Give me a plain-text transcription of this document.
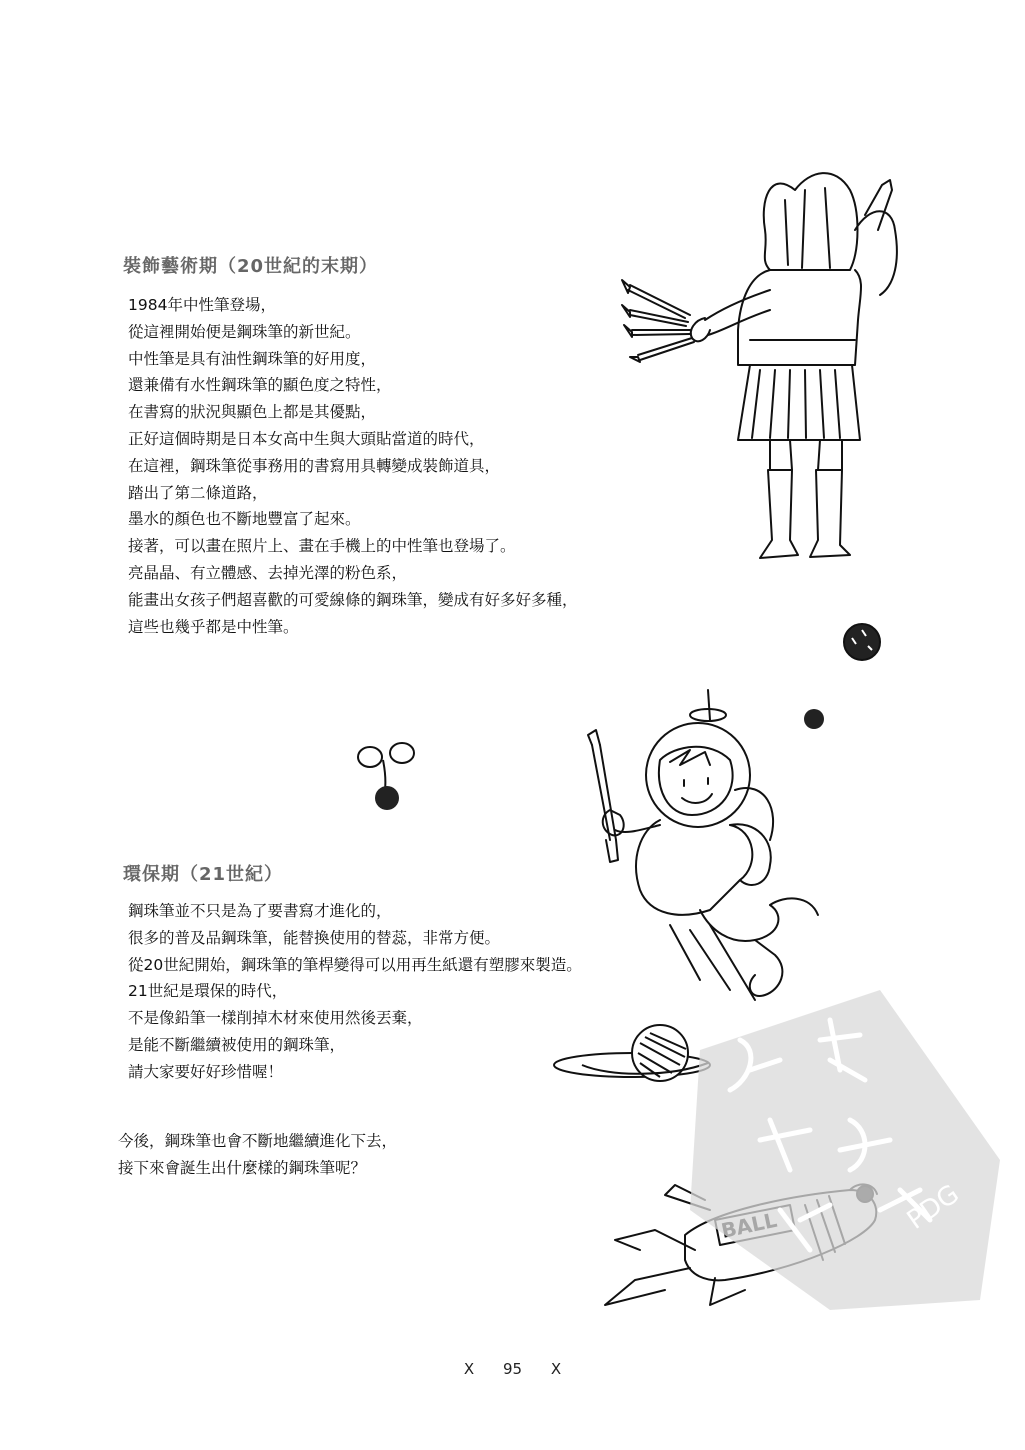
裝飾藝術期（20世紀的末期）

1984年中性筆登場，

從這裡開始便是鋼珠筆的新世紀。

中性筆是具有油性鋼珠筆的好用度，

還兼備有水性鋼珠筆的顯色度之特性，

在書寫的狀況與顯色上都是其優點，

正好這個時期是日本女高中生與大頭貼當道的時代，

在這裡，鋼珠筆從事務用的書寫用具轉變成裝飾道具，

踏出了第二條道路，

墨水的顏色也不斷地豐富了起來。

接著，可以畫在照片上、畫在手機上的中性筆也登場了。

亮晶晶、有立體感、去掉光澤的粉色系，

能畫出女孩子們超喜歡的可愛線條的鋼珠筆，變成有好多好多種，

這些也幾乎都是中性筆。

環保期（21世紀）

鋼珠筆並不只是為了要書寫才進化的，

很多的普及品鋼珠筆，能替換使用的替蕊，非常方便。

從20世紀開始，鋼珠筆的筆桿變得可以用再生紙還有塑膠來製造。

21世紀是環保的時代，

不是像鉛筆一樣削掉木材來使用然後丟棄，

是能不斷繼續被使用的鋼珠筆，

請大家要好好珍惜喔！

今後，鋼珠筆也會不斷地繼續進化下去，

接下來會誕生出什麼樣的鋼珠筆呢？

PDG
X 95 X
